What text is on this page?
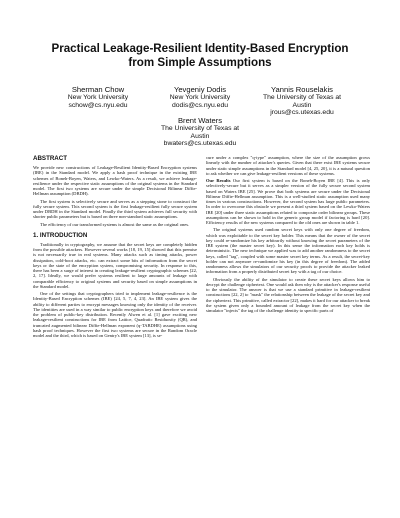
Practical Leakage-Resilient Identity-Based Encryption
from Simple Assumptions
Sherman Chow
New York University
schow@cs.nyu.edu
Yevgeniy Dodis
New York University
dodis@cs.nyu.edu
Yannis Rouselakis
The University of Texas at
Austin
jrous@cs.utexas.edu
Brent Waters
The University of Texas at
Austin
bwaters@cs.utexas.edu
ABSTRACT

We provide new constructions of Leakage-Resilient Identity-Based Encryption systems (IBE) in the Standard model. We apply a hash proof technique in the existing IBE schemes of Boneh-Boyen, Waters, and Lewko-Waters. As a result, we achieve leakage-resilience under the respective static assumptions of the original systems in the Standard model. The first two systems are secure under the simple Decisional Bilinear Diffie-Hellman assumption (DBDH).

The first system is selectively secure and serves as a stepping stone to construct the fully secure system. This second system is the first leakage-resilient fully secure system under DBDH in the Standard model. Finally the third system achieves full security with shorter public parameters but is based on three non-standard static assumptions.

The efficiency of our transformed systems is almost the same as the original ones.

1. INTRODUCTION

Traditionally in cryptography, we assume that the secret keys are completely hidden from the possible attackers. However several works [18, 19, 15] showed that this premise is not necessarily true in real systems. Many attacks such as timing attacks, power dissipation, cold-boot attacks, etc. can extract some bits of information from the secret keys or the state of the encryption system, compromising security. In response to this, there has been a surge of interest in creating leakage-resilient cryptographic schemes [22, 2, 17]. Ideally, we would prefer systems resilient to large amounts of leakage with comparable efficiency to original systems and security based on simple assumptions in the Standard model.

One of the settings that cryptographers tried to implement leakage-resilience is the Identity-Based Encryption schemes (IBE) [24, 5, 7, 4, 23]. An IBE system gives the ability to different parties to encrypt messages knowing only the identity of the receiver. The identities are used in a way similar to public encryption keys and therefore we avoid the problem of public-key distribution. Recently Alwen et al. [1] gave exciting new leakage-resilient constructions for IBE from Lattice, Quadratic Residuosity (QR), and truncated augmented bilinear Diffie-Hellman exponent (q-TABDHE) assumptions using hash proof techniques. However the first two systems are secure in the Random Oracle model and the third, which is based on Gentry's IBE system [13], is se-

cure under a complex "q-type" assumption, where the size of the assumption grows linearly with the number of attacker's queries. Given that there exist IBE systems secure under static simple assumptions in the Standard model [4, 25, 20], it is a natural question to ask whether we can give leakage-resilient versions of these systems.

Our Results Our first system is based on the Boneh-Boyen IBE [4]. This is only selectively-secure but it serves as a simpler version of the fully secure second system based on Waters IBE [25]. We prove that both systems are secure under the Decisional Bilinear Diffie-Hellman assumption. This is a well-studied static assumption used many times in various constructions. However, the second system has large public parameters. In order to overcome this obstacle we present a third system based on the Lewko-Waters IBE [20] under three static assumptions related to composite order bilinear groups. These assumptions can be shown to hold in the generic group model if factoring is hard [20]. Efficiency results of the new systems compared to the old ones are shown in table 1.

The original systems used random secret keys with only one degree of freedom, which was exploitable to the secret key holder. This means that the owner of the secret key could re-randomize his key arbitrarily without knowing the secret parameters of the IBE system (the master secret key). In this sense the information each key holds is deterministic. The new technique we applied was to add another randomness to the secret keys, called "tag", coupled with some master secret key terms. As a result, the secret-key holder can not anymore re-randomize his key (in this degree of freedom). The added randomness allows the simulators of our security proofs to provide the attacker leaked information from a properly distributed secret key with a tag of our choice.

Obviously the ability of the simulator to create these secret keys allows him to decrypt the challenge ciphertext. One would ask then why is the attacker's response useful to the simulator. The answer is that we use a standard primitive in leakage-resilient constructions [22, 2] to "mask" the relationship between the leakage of the secret key and the ciphertext. This primitive, called extractor [22], makes it hard for our attacker to break the system given only a bounded amount of leakage from the secret key when the simulator "injects" the tag of the challenge identity to specific parts of
